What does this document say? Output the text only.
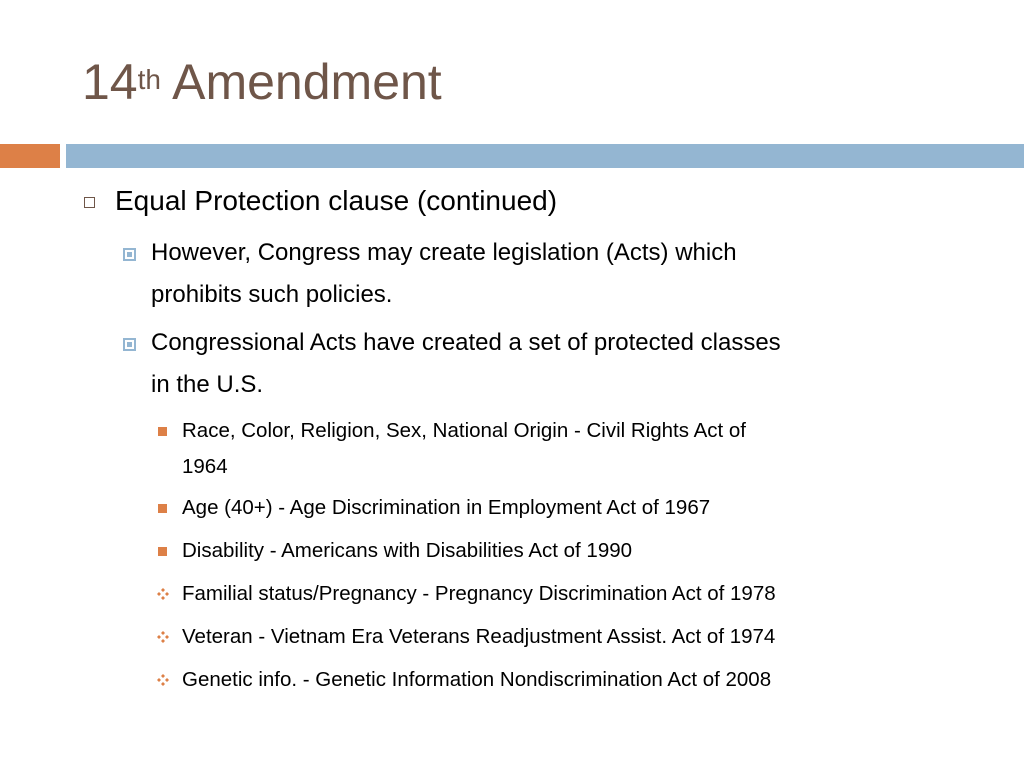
14th Amendment
Equal Protection clause (continued)
However, Congress may create legislation (Acts) which
prohibits such policies.
Congressional Acts have created a set of protected classes
in the U.S.
Race, Color, Religion, Sex, National Origin - Civil Rights Act of
1964
Age (40+) - Age Discrimination in Employment Act of 1967
Disability - Americans with Disabilities Act of 1990
Familial status/Pregnancy - Pregnancy Discrimination Act of 1978
Veteran - Vietnam Era Veterans Readjustment Assist. Act of 1974
Genetic info. - Genetic Information Nondiscrimination Act of 2008
